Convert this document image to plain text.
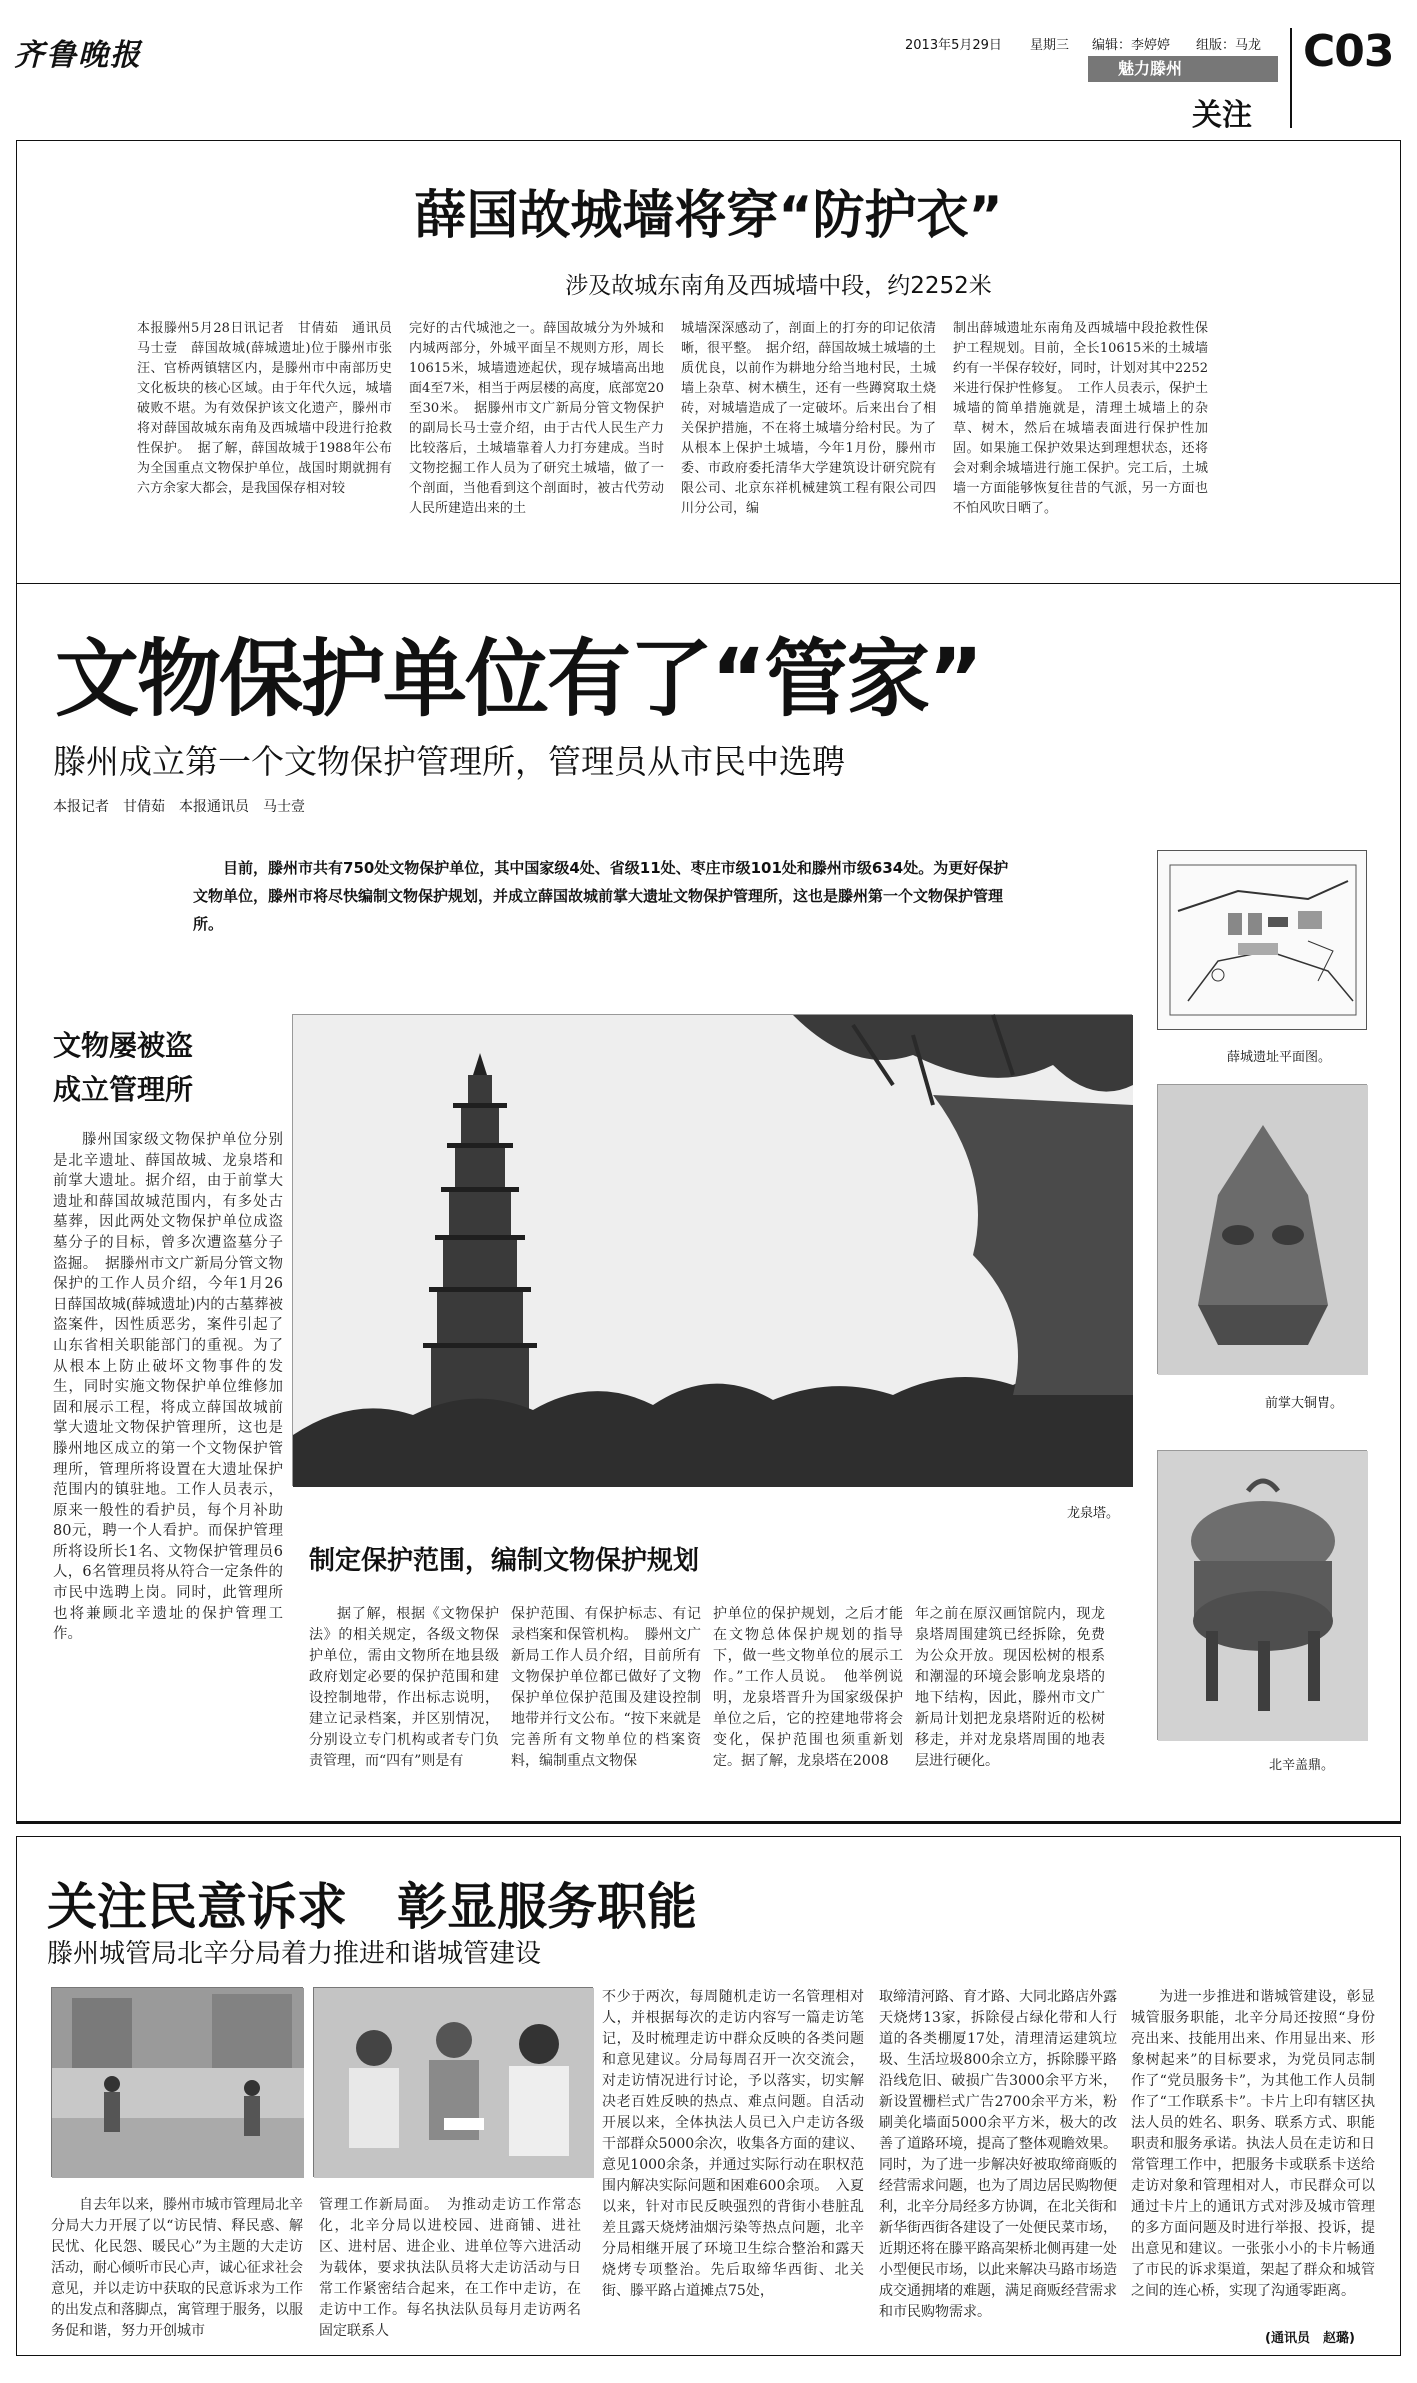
齐鲁晚报	2013年5月29日 星期三 编辑：李婷婷 组版：马龙
魅力滕州
关注
C03
薛国故城墙将穿“防护衣”
涉及故城东南角及西城墙中段，约2252米
本报滕州5月28日讯记者　甘倩茹　通讯员　马士壹　薛国故城(薛城遗址)位于滕州市张汪、官桥两镇辖区内，是滕州市中南部历史文化板块的核心区域。由于年代久远，城墙破败不堪。为有效保护该文化遗产，滕州市将对薛国故城东南角及西城墙中段进行抢救性保护。　据了解，薛国故城于1988年公布为全国重点文物保护单位，战国时期就拥有六方余家大都会，是我国保存相对较
完好的古代城池之一。薛国故城分为外城和内城两部分，外城平面呈不规则方形，周长10615米，城墙遗迹起伏，现存城墙高出地面4至7米，相当于两层楼的高度，底部宽20至30米。　据滕州市文广新局分管文物保护的副局长马士壹介绍，由于古代人民生产力比较落后，土城墙靠着人力打夯建成。当时文物挖掘工作人员为了研究土城墙，做了一个剖面，当他看到这个剖面时，被古代劳动人民所建造出来的土
城墙深深感动了，剖面上的打夯的印记依清晰，很平整。　据介绍，薛国故城土城墙的土质优良，以前作为耕地分给当地村民，土城墙上杂草、树木横生，还有一些蹲窝取土烧砖，对城墙造成了一定破坏。后来出台了相关保护措施，不在将土城墙分给村民。为了从根本上保护土城墙，今年1月份，滕州市委、市政府委托清华大学建筑设计研究院有限公司、北京东祥机械建筑工程有限公司四川分公司，编
制出薛城遗址东南角及西城墙中段抢救性保护工程规划。目前，全长10615米的土城墙约有一半保存较好，同时，计划对其中2252米进行保护性修复。　工作人员表示，保护土城墙的简单措施就是，清理土城墙上的杂草、树木，然后在城墙表面进行保护性加固。如果施工保护效果达到理想状态，还将会对剩余城墙进行施工保护。完工后，土城墙一方面能够恢复往昔的气派，另一方面也不怕风吹日晒了。
文物保护单位有了“管家”
滕州成立第一个文物保护管理所，管理员从市民中选聘
本报记者　甘倩茹　本报通讯员　马士壹
目前，滕州市共有750处文物保护单位，其中国家级4处、省级11处、枣庄市级101处和滕州市级634处。为更好保护文物单位，滕州市将尽快编制文物保护规划，并成立薛国故城前掌大遗址文物保护管理所，这也是滕州第一个文物保护管理所。
薛城遗址平面图。
文物屡被盗
成立管理所
滕州国家级文物保护单位分别是北辛遗址、薛国故城、龙泉塔和前掌大遗址。据介绍，由于前掌大遗址和薛国故城范围内，有多处古墓葬，因此两处文物保护单位成盗墓分子的目标，曾多次遭盗墓分子盗掘。　据滕州市文广新局分管文物保护的工作人员介绍，今年1月26日薛国故城(薛城遗址)内的古墓葬被盗案件，因性质恶劣，案件引起了山东省相关职能部门的重视。为了从根本上防止破坏文物事件的发生，同时实施文物保护单位维修加固和展示工程，将成立薛国故城前掌大遗址文物保护管理所，这也是滕州地区成立的第一个文物保护管理所，管理所将设置在大遗址保护范围内的镇驻地。工作人员表示，原来一般性的看护员，每个月补助80元，聘一个人看护。而保护管理所将设所长1名、文物保护管理员6人，6名管理员将从符合一定条件的市民中选聘上岗。同时，此管理所也将兼顾北辛遗址的保护管理工作。
龙泉塔。
前掌大铜胄。
北辛盖鼎。
制定保护范围，编制文物保护规划
据了解，根据《文物保护法》的相关规定，各级文物保护单位，需由文物所在地县级政府划定必要的保护范围和建设控制地带，作出标志说明，建立记录档案，并区别情况，分别设立专门机构或者专门负责管理，而“四有”则是有
保护范围、有保护标志、有记录档案和保管机构。　滕州文广新局工作人员介绍，目前所有文物保护单位都已做好了文物保护单位保护范围及建设控制地带并行文公布。“按下来就是完善所有文物单位的档案资料，编制重点文物保
护单位的保护规划，之后才能在文物总体保护规划的指导下，做一些文物单位的展示工作。”工作人员说。　他举例说明，龙泉塔晋升为国家级保护单位之后，它的控建地带将会变化，保护范围也须重新划定。据了解，龙泉塔在2008
年之前在原汉画馆院内，现龙泉塔周围建筑已经拆除，免费为公众开放。现因松树的根系和潮湿的环境会影响龙泉塔的地下结构，因此，滕州市文广新局计划把龙泉塔附近的松树移走，并对龙泉塔周围的地表层进行硬化。
关注民意诉求　彰显服务职能
滕州城管局北辛分局着力推进和谐城管建设
自去年以来，滕州市城市管理局北辛分局大力开展了以“访民情、释民惑、解民忧、化民怨、暖民心”为主题的大走访活动，耐心倾听市民心声，诚心征求社会意见，并以走访中获取的民意诉求为工作的出发点和落脚点，寓管理于服务，以服务促和谐，努力开创城市
管理工作新局面。　为推动走访工作常态化，北辛分局以进校园、进商铺、进社区、进村居、进企业、进单位等六进活动为载体，要求执法队员将大走访活动与日常工作紧密结合起来，在工作中走访，在走访中工作。每名执法队员每月走访两名固定联系人
不少于两次，每周随机走访一名管理相对人，并根据每次的走访内容写一篇走访笔记，及时梳理走访中群众反映的各类问题和意见建议。分局每周召开一次交流会，对走访情况进行讨论，予以落实，切实解决老百姓反映的热点、难点问题。自活动开展以来，全体执法人员已入户走访各级干部群众5000余次，收集各方面的建议、意见1000余条，并通过实际行动在职权范围内解决实际问题和困难600余项。　入夏以来，针对市民反映强烈的背街小巷脏乱差且露天烧烤油烟污染等热点问题，北辛分局相继开展了环境卫生综合整治和露天烧烤专项整治。先后取缔华西街、北关街、滕平路占道摊点75处，
取缔清河路、育才路、大同北路店外露天烧烤13家，拆除侵占绿化带和人行道的各类棚厦17处，清理清运建筑垃圾、生活垃圾800余立方，拆除滕平路沿线危旧、破损广告3000余平方米，新设置栅栏式广告2700余平方米，粉刷美化墙面5000余平方米，极大的改善了道路环境，提高了整体观瞻效果。同时，为了进一步解决好被取缔商贩的经营需求问题，也为了周边居民购物便利，北辛分局经多方协调，在北关街和新华街西街各建设了一处便民菜市场，近期还将在滕平路高架桥北侧再建一处小型便民市场，以此来解决马路市场造成交通拥堵的难题，满足商贩经营需求和市民购物需求。
为进一步推进和谐城管建设，彰显城管服务职能，北辛分局还按照“身份亮出来、技能用出来、作用显出来、形象树起来”的目标要求，为党员同志制作了“党员服务卡”，为其他工作人员制作了“工作联系卡”。卡片上印有辖区执法人员的姓名、职务、联系方式、职能职责和服务承诺。执法人员在走访和日常管理工作中，把服务卡或联系卡送给走访对象和管理相对人，市民群众可以通过卡片上的通讯方式对涉及城市管理的多方面问题及时进行举报、投诉，提出意见和建议。一张张小小的卡片畅通了市民的诉求渠道，架起了群众和城管之间的连心桥，实现了沟通零距离。
(通讯员　赵璐)
